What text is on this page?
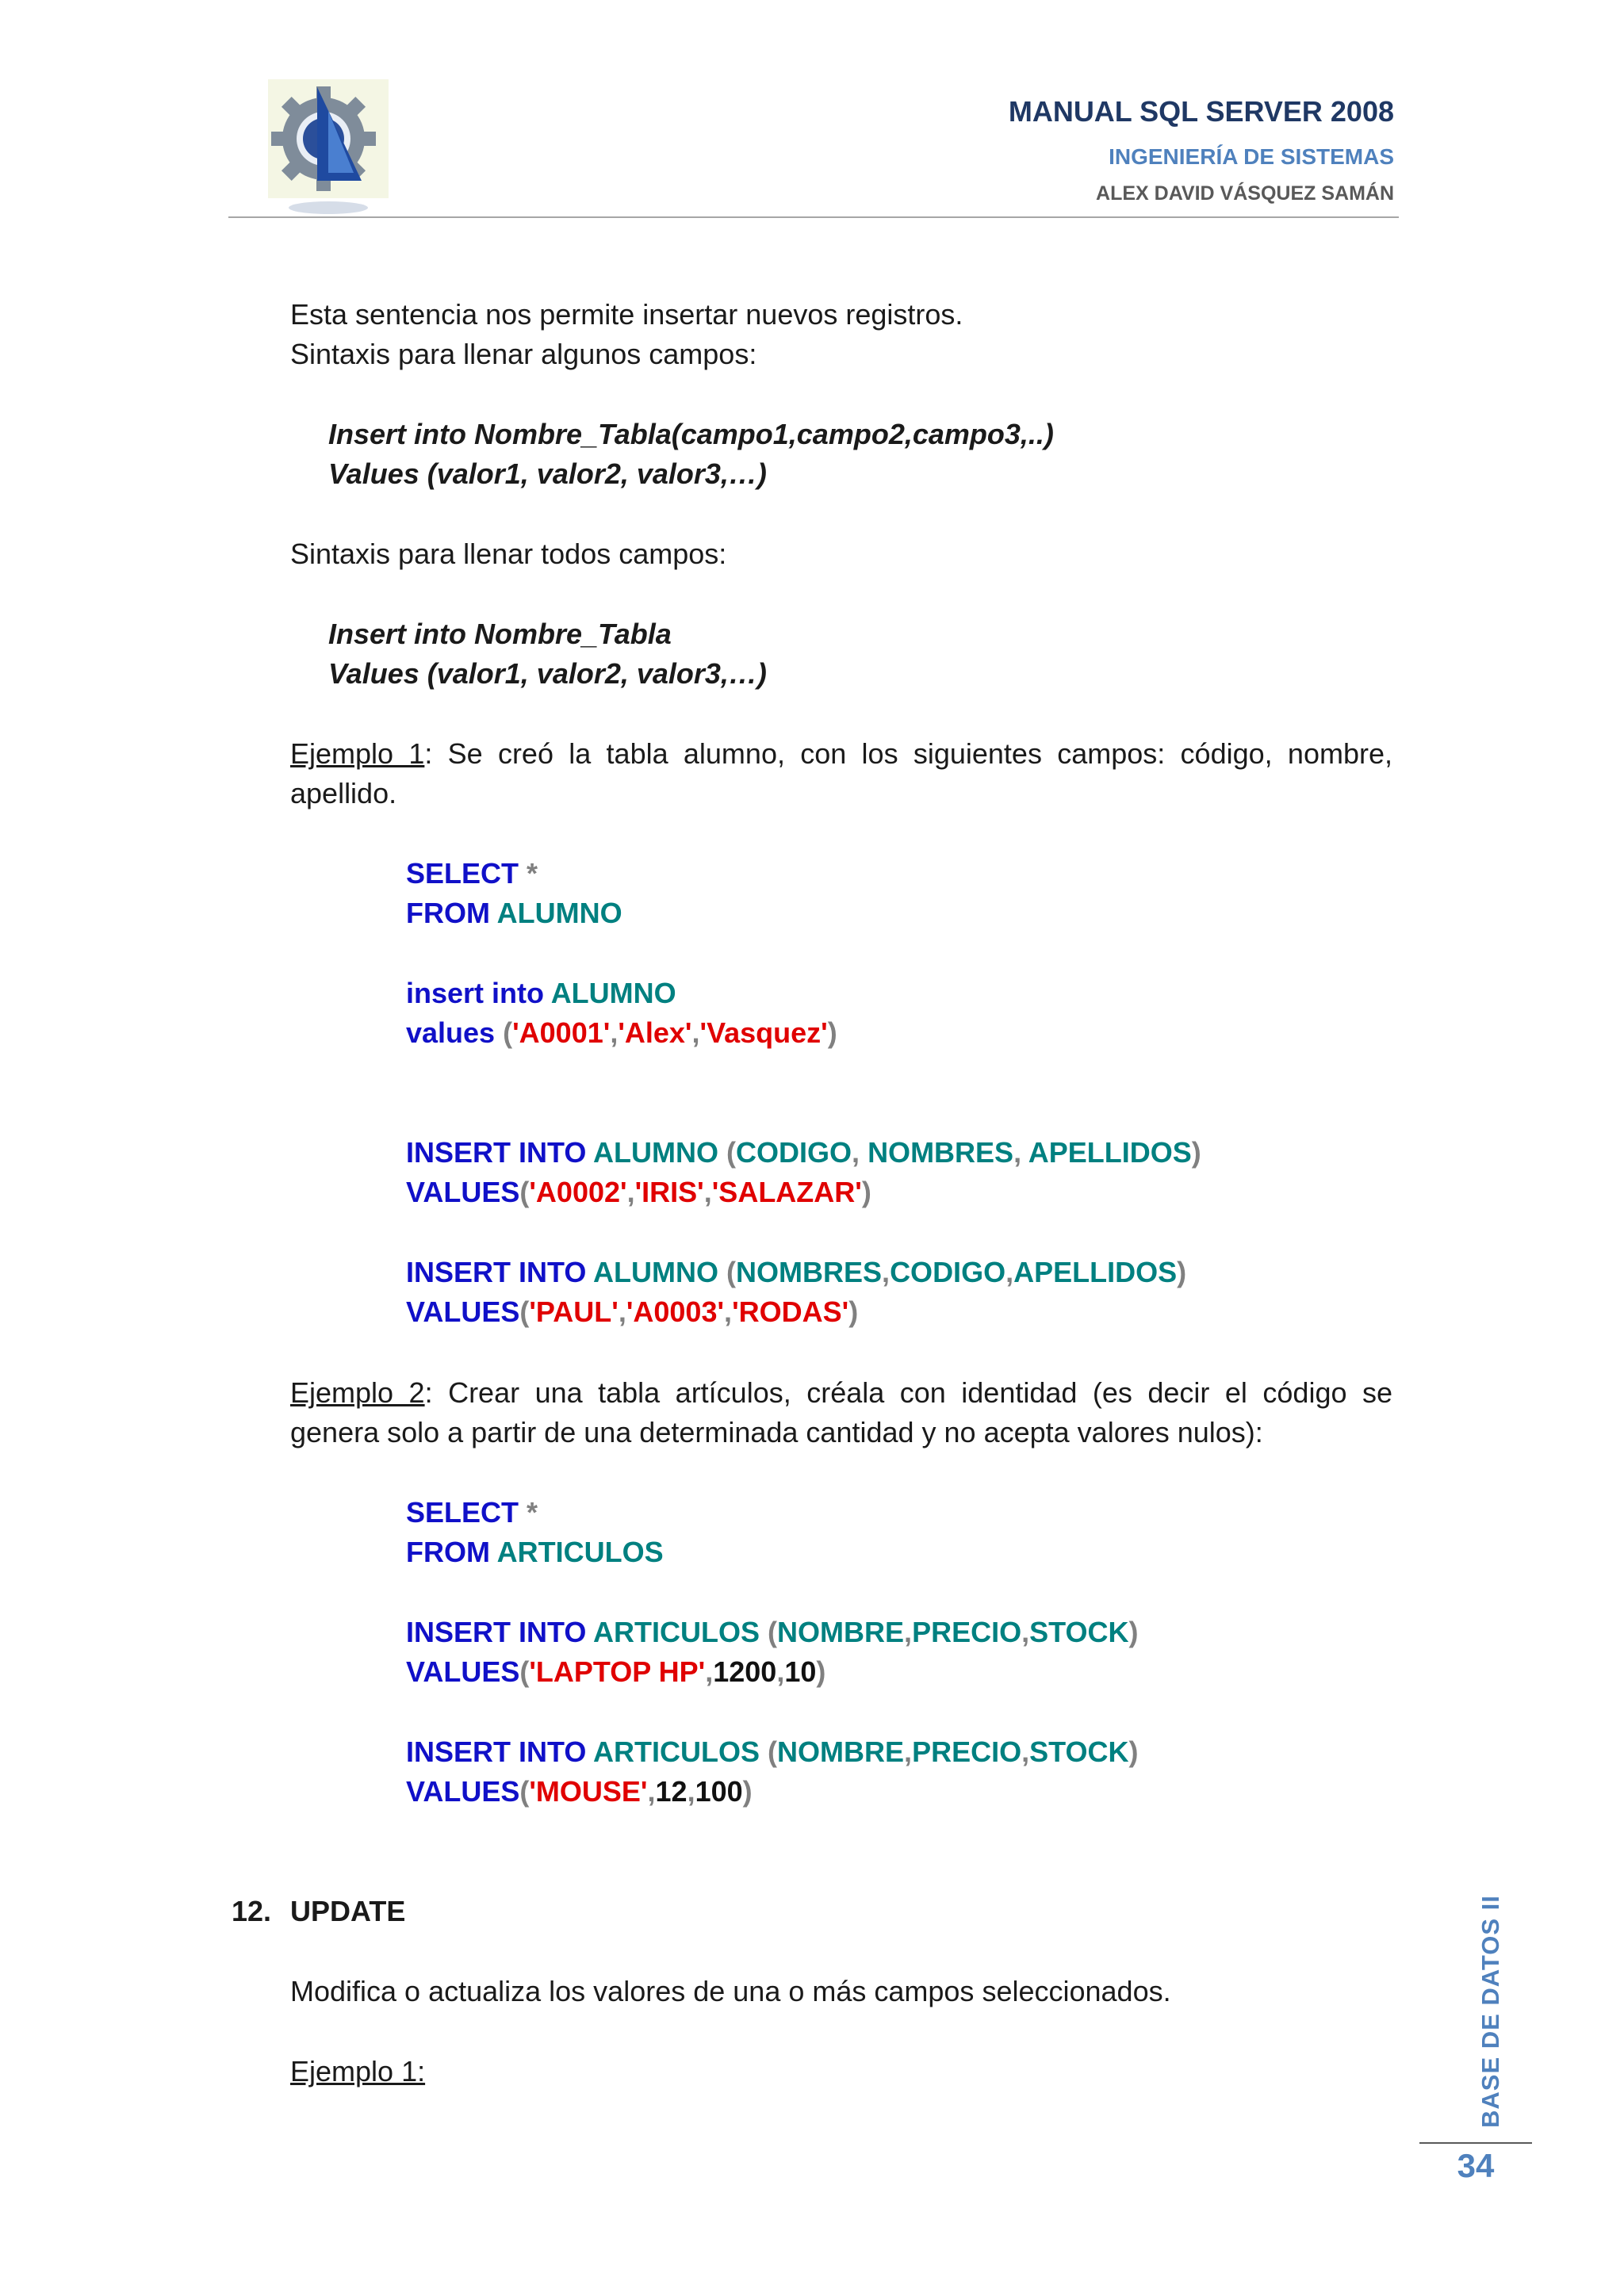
MANUAL SQL SERVER 2008
INGENIERÍA DE SISTEMAS
ALEX DAVID VÁSQUEZ SAMÁN
Esta sentencia nos permite insertar nuevos registros.
Sintaxis para llenar algunos campos:
Insert into Nombre_Tabla(campo1,campo2,campo3,..)
Values (valor1, valor2, valor3,…)
Sintaxis para llenar todos campos:
Insert into Nombre_Tabla
Values (valor1, valor2, valor3,…)
Ejemplo 1: Se creó la tabla alumno, con los siguientes campos: código, nombre,
apellido.
SELECT *
FROM ALUMNO
insert into ALUMNO
values ('A0001','Alex','Vasquez')
INSERT INTO ALUMNO (CODIGO, NOMBRES, APELLIDOS)
VALUES('A0002','IRIS','SALAZAR')
INSERT INTO ALUMNO (NOMBRES,CODIGO,APELLIDOS)
VALUES('PAUL','A0003','RODAS')
Ejemplo 2: Crear una tabla artículos, créala con identidad (es decir el código se
genera solo a partir de una determinada cantidad y no acepta valores nulos):
SELECT *
FROM ARTICULOS
INSERT INTO ARTICULOS (NOMBRE,PRECIO,STOCK)
VALUES('LAPTOP HP',1200,10)
INSERT INTO ARTICULOS (NOMBRE,PRECIO,STOCK)
VALUES('MOUSE',12,100)
12. UPDATE
Modifica o actualiza los valores de una o más campos seleccionados.
Ejemplo 1:	BASE DE DATOS II
34
